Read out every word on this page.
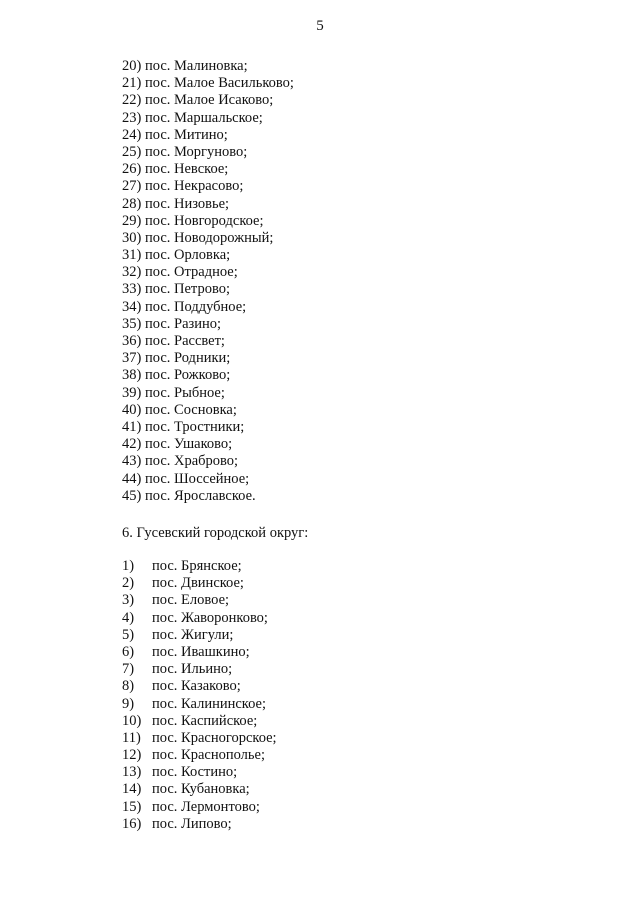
5
20) пос. Малиновка;
21) пос. Малое Васильково;
22) пос. Малое Исаково;
23) пос. Маршальское;
24) пос. Митино;
25) пос. Моргуново;
26) пос. Невское;
27) пос. Некрасово;
28) пос. Низовье;
29) пос. Новгородское;
30) пос. Новодорожный;
31) пос. Орловка;
32) пос. Отрадное;
33) пос. Петрово;
34) пос. Поддубное;
35) пос. Разино;
36) пос. Рассвет;
37) пос. Родники;
38) пос. Рожково;
39) пос. Рыбное;
40) пос. Сосновка;
41) пос. Тростники;
42) пос. Ушаково;
43) пос. Храброво;
44) пос. Шоссейное;
45) пос. Ярославское.
6. Гусевский городской округ:
1) пос. Брянское;
2) пос. Двинское;
3) пос. Еловое;
4) пос. Жаворонково;
5) пос. Жигули;
6) пос. Ивашкино;
7) пос. Ильино;
8) пос. Казаково;
9) пос. Калининское;
10) пос. Каспийское;
11) пос. Красногорское;
12) пос. Краснополье;
13) пос. Костино;
14) пос. Кубановка;
15) пос. Лермонтово;
16) пос. Липово;
